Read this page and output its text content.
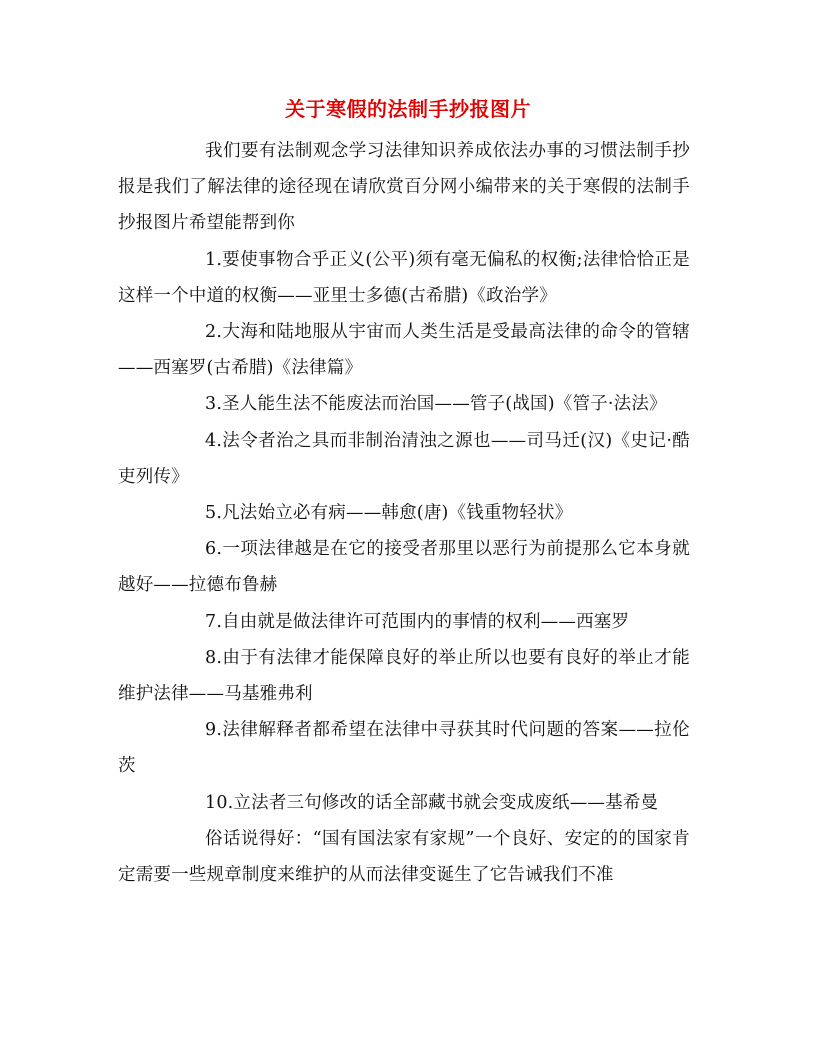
关于寒假的法制手抄报图片

我们要有法制观念学习法律知识养成依法办事的习惯法制手抄报是我们了解法律的途径现在请欣赏百分网小编带来的关于寒假的法制手抄报图片希望能帮到你

1.要使事物合乎正义(公平)须有毫无偏私的权衡;法律恰恰正是这样一个中道的权衡——亚里士多德(古希腊)《政治学》

2.大海和陆地服从宇宙而人类生活是受最高法律的命令的管辖——西塞罗(古希腊)《法律篇》

3.圣人能生法不能废法而治国——管子(战国)《管子·法法》

4.法令者治之具而非制治清浊之源也——司马迁(汉)《史记·酷吏列传》

5.凡法始立必有病——韩愈(唐)《钱重物轻状》

6.一项法律越是在它的接受者那里以恶行为前提那么它本身就越好——拉德布鲁赫

7.自由就是做法律许可范围内的事情的权利——西塞罗

8.由于有法律才能保障良好的举止所以也要有良好的举止才能维护法律——马基雅弗利

9.法律解释者都希望在法律中寻获其时代问题的答案——拉伦茨

10.立法者三句修改的话全部藏书就会变成废纸——基希曼

俗话说得好：“国有国法家有家规”一个良好、安定的的国家肯定需要一些规章制度来维护的从而法律变诞生了它告诫我们不准
